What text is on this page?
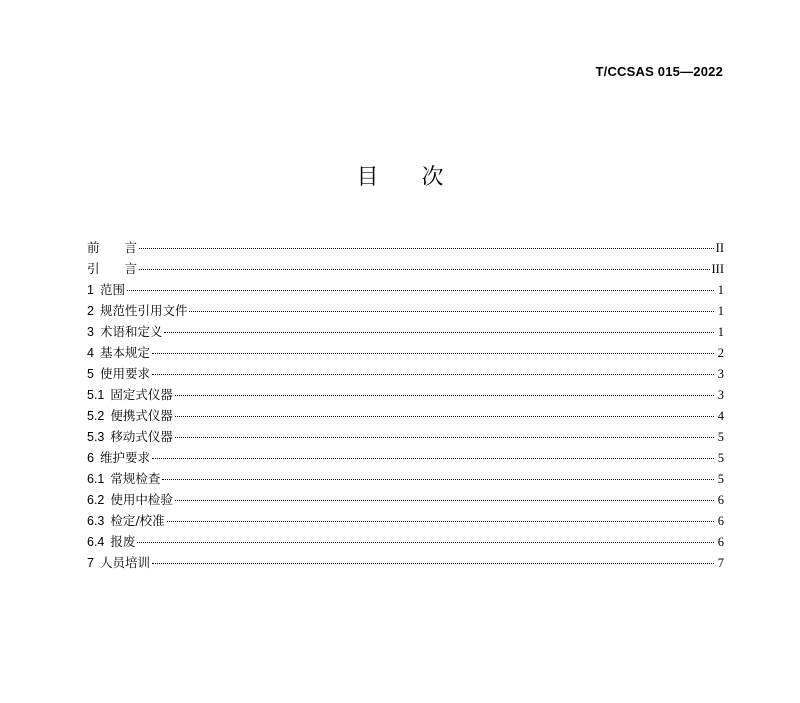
T/CCSAS 015—2022
目 次
前　　言	II
引　　言	III
1 范围	1
2 规范性引用文件	1
3 术语和定义	1
4 基本规定	2
5 使用要求	3
5.1 固定式仪器	3
5.2 便携式仪器	4
5.3 移动式仪器	5
6 维护要求	5
6.1 常规检查	5
6.2 使用中检验	6
6.3 检定/校准	6
6.4 报废	6
7 人员培训	7
